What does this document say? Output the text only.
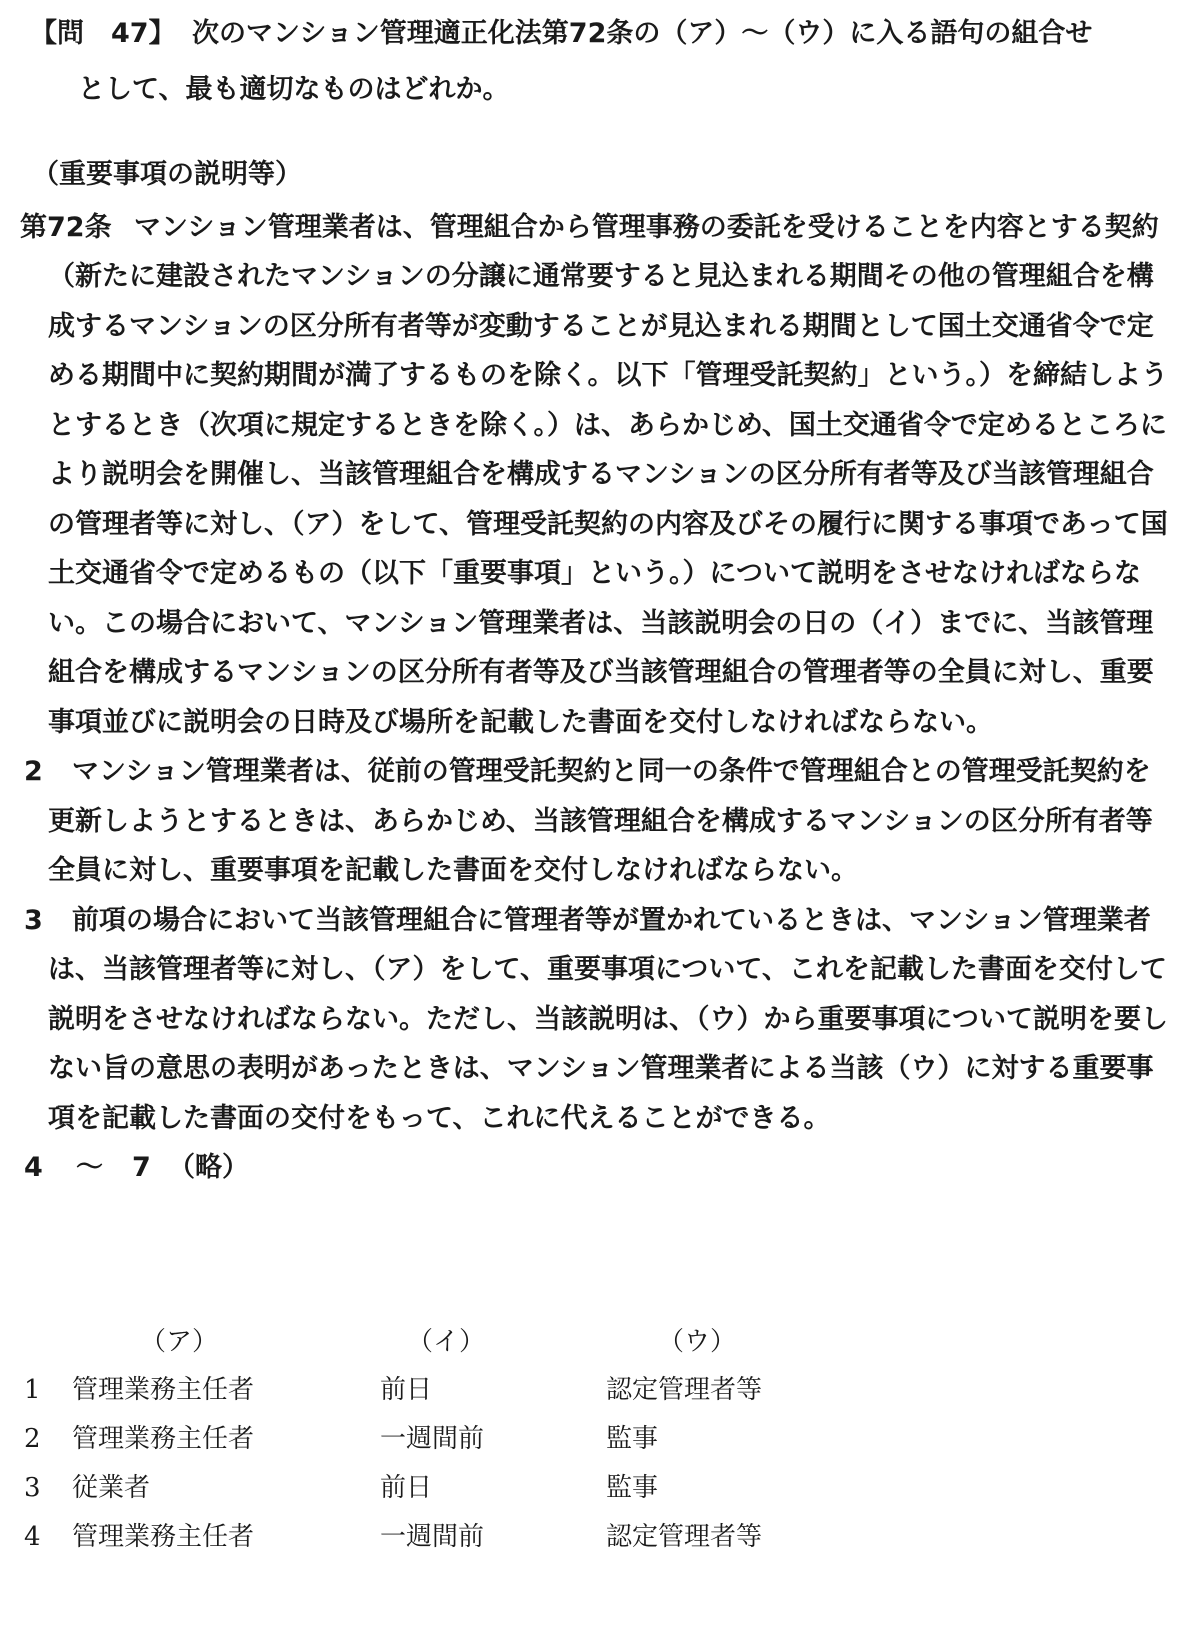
【問　47】 次のマンション管理適正化法第72条の（ア）～（ウ）に入る語句の組合せ
として、最も適切なものはどれか。
（重要事項の説明等）
第72条 マンション管理業者は、管理組合から管理事務の委託を受けることを内容とする契約（新たに建設されたマンションの分譲に通常要すると見込まれる期間その他の管理組合を構成するマンションの区分所有者等が変動することが見込まれる期間として国土交通省令で定める期間中に契約期間が満了するものを除く。以下「管理受託契約」という。）を締結しようとするとき（次項に規定するときを除く。）は、あらかじめ、国土交通省令で定めるところにより説明会を開催し、当該管理組合を構成するマンションの区分所有者等及び当該管理組合の管理者等に対し、（ア）をして、管理受託契約の内容及びその履行に関する事項であって国土交通省令で定めるもの（以下「重要事項」という。）について説明をさせなければならない。この場合において、マンション管理業者は、当該説明会の日の（イ）までに、当該管理組合を構成するマンションの区分所有者等及び当該管理組合の管理者等の全員に対し、重要事項並びに説明会の日時及び場所を記載した書面を交付しなければならない。
2 マンション管理業者は、従前の管理受託契約と同一の条件で管理組合との管理受託契約を更新しようとするときは、あらかじめ、当該管理組合を構成するマンションの区分所有者等全員に対し、重要事項を記載した書面を交付しなければならない。
3 前項の場合において当該管理組合に管理者等が置かれているときは、マンション管理業者は、当該管理者等に対し、（ア）をして、重要事項について、これを記載した書面を交付して説明をさせなければならない。ただし、当該説明は、（ウ）から重要事項について説明を要しない旨の意思の表明があったときは、マンション管理業者による当該（ウ）に対する重要事項を記載した書面の交付をもって、これに代えることができる。
4 ～ 7 （略）
（ア）	（イ）	（ウ）
1 管理業務主任者	前日	認定管理者等
2 管理業務主任者	一週間前	監事
3 従業者	前日	監事
4 管理業務主任者	一週間前	認定管理者等
